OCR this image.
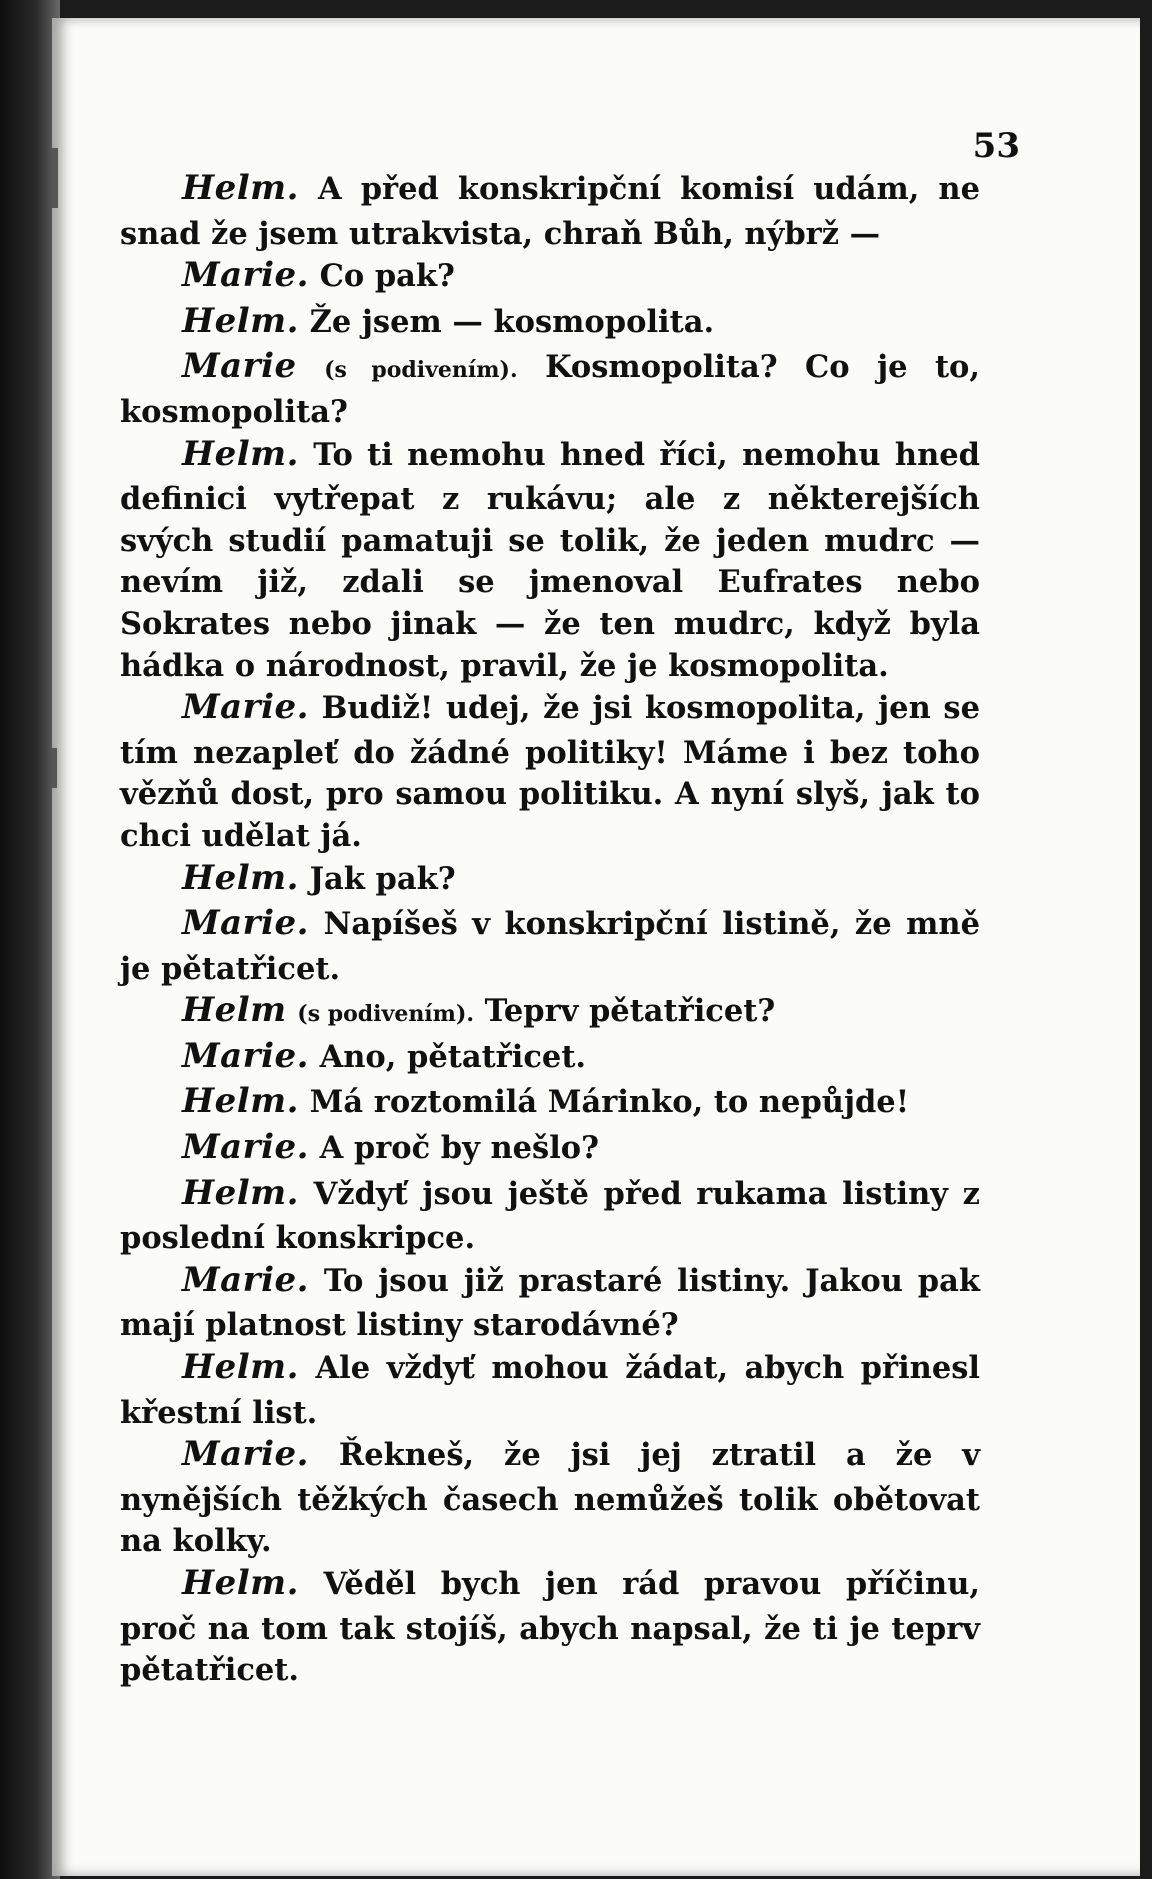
53

Helm. A před konskripční komisí udám, ne snad že jsem utrakvista, chraň Bůh, nýbrž —

Marie. Co pak?

Helm. Že jsem — kosmopolita.

Marie (s podivením). Kosmopolita? Co je to, kosmopolita?

Helm. To ti nemohu hned říci, nemohu hned definici vytřepat z rukávu; ale z některejších svých studií pamatuji se tolik, že jeden mudrc — nevím již, zdali se jmenoval Eufrates nebo Sokrates nebo jinak — že ten mudrc, když byla hádka o národnost, pravil, že je kosmopolita.

Marie. Budiž! udej, že jsi kosmopolita, jen se tím nezapleť do žádné politiky! Máme i bez toho vězňů dost, pro samou politiku. A nyní slyš, jak to chci udělat já.

Helm. Jak pak?

Marie. Napíšeš v konskripční listině, že mně je pětatřicet.

Helm (s podivením). Teprv pětatřicet?

Marie. Ano, pětatřicet.

Helm. Má roztomilá Márinko, to nepůjde!

Marie. A proč by nešlo?

Helm. Vždyť jsou ještě před rukama listiny z poslední konskripce.

Marie. To jsou již prastaré listiny. Jakou pak mají platnost listiny starodávné?

Helm. Ale vždyť mohou žádat, abych přinesl křestní list.

Marie. Řekneš, že jsi jej ztratil a že v nynějších těžkých časech nemůžeš tolik obětovat na kolky.

Helm. Věděl bych jen rád pravou příčinu, proč na tom tak stojíš, abych napsal, že ti je teprv pětatřicet.
